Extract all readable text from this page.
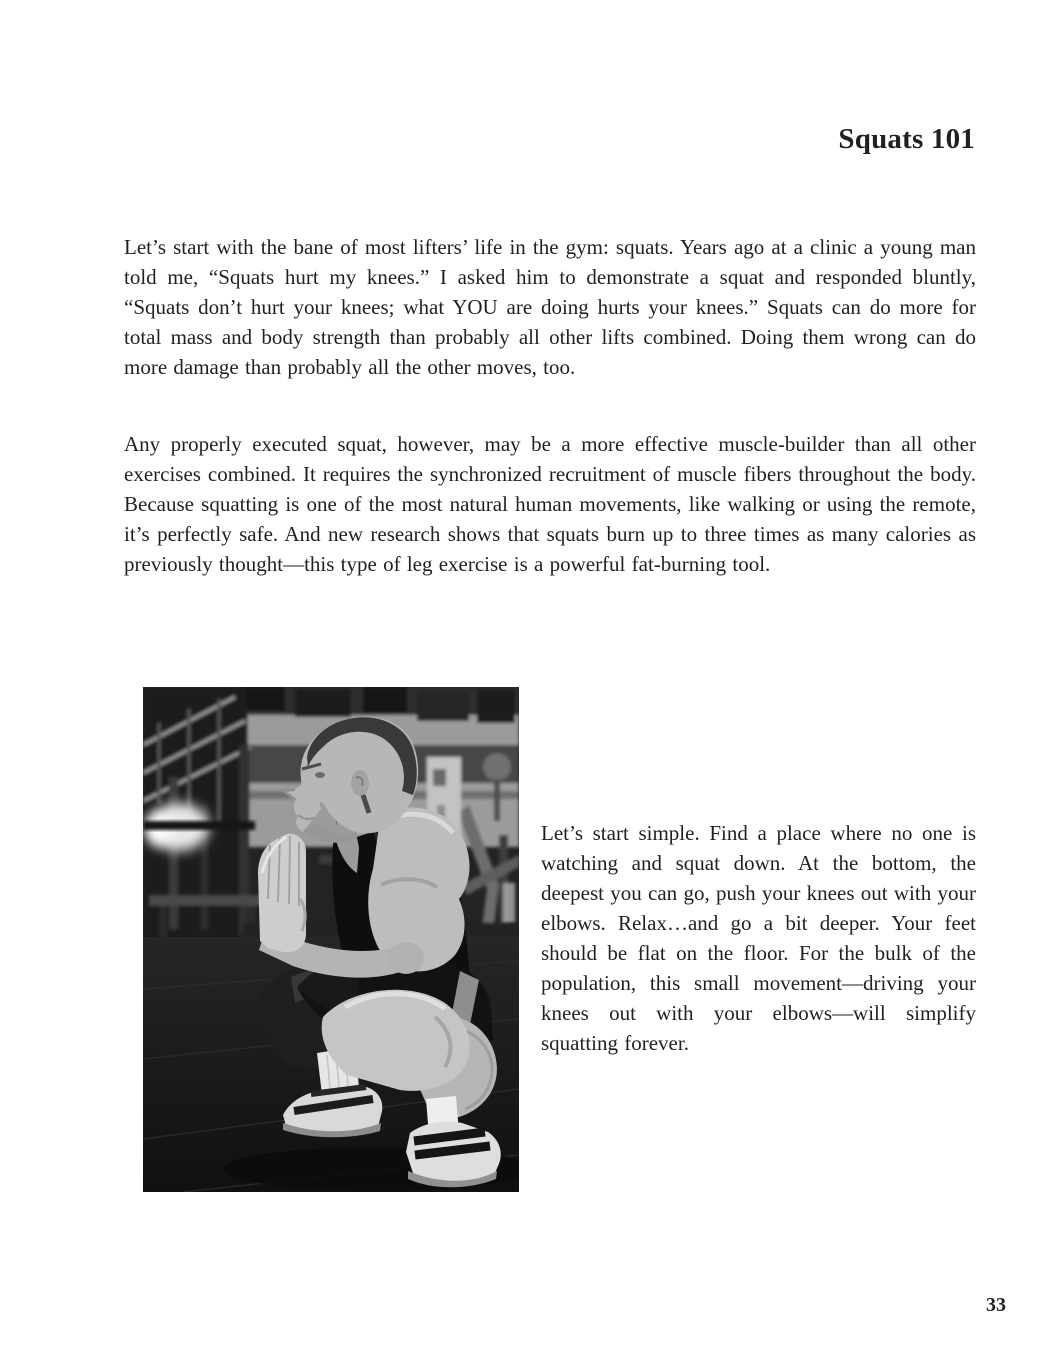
Squats 101

Let’s start with the bane of most lifters’ life in the gym: squats. Years ago at a clinic a young man told me, “Squats hurt my knees.” I asked him to demonstrate a squat and responded bluntly, “Squats don’t hurt your knees; what YOU are doing hurts your knees.” Squats can do more for total mass and body strength than probably all other lifts combined. Doing them wrong can do more damage than probably all the other moves, too.

Any properly executed squat, however, may be a more effective muscle-builder than all other exercises combined. It requires the synchronized recruitment of muscle fibers throughout the body. Because squatting is one of the most natural human movements, like walking or using the remote, it’s perfectly safe. And new research shows that squats burn up to three times as many calories as previously thought—this type of leg exercise is a powerful fat-burning tool.

Let’s start simple. Find a place where no one is watching and squat down. At the bottom, the deepest you can go, push your knees out with your elbows. Relax…and go a bit deeper. Your feet should be flat on the floor. For the bulk of the population, this small movement—driving your knees out with your elbows—will simplify squatting forever.

33
